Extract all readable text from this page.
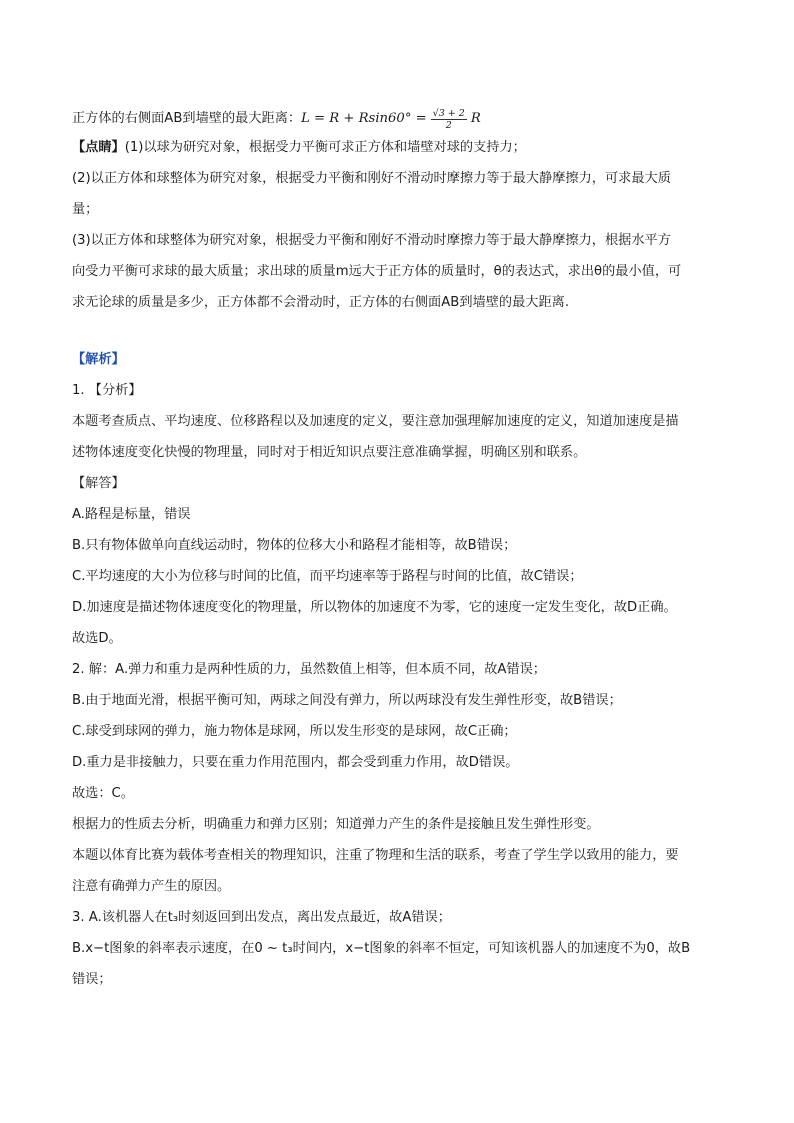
正方体的右侧面AB到墙壁的最大距离： $L = R + Rsin60^\circ = \frac{√3 + 2}{2}$ R
【点睛】(1)以球为研究对象，根据受力平衡可求正方体和墙壁对球的支持力；
(2)以正方体和球整体为研究对象，根据受力平衡和刚好不滑动时摩擦力等于最大静摩擦力，可求最大质
量；
(3)以正方体和球整体为研究对象，根据受力平衡和刚好不滑动时摩擦力等于最大静摩擦力，根据水平方
向受力平衡可求球的最大质量；求出球的质量m远大于正方体的质量时，θ的表达式，求出θ的最小值，可
求无论球的质量是多少，正方体都不会滑动时，正方体的右侧面AB到墙壁的最大距离.
【解析】
1. 【分析】
本题考查质点、平均速度、位移路程以及加速度的定义，要注意加强理解加速度的定义，知道加速度是描
述物体速度变化快慢的物理量，同时对于相近知识点要注意准确掌握，明确区别和联系。
【解答】
A.路程是标量，错误
B.只有物体做单向直线运动时，物体的位移大小和路程才能相等，故B错误；
C.平均速度的大小为位移与时间的比值，而平均速率等于路程与时间的比值，故C错误；
D.加速度是描述物体速度变化的物理量，所以物体的加速度不为零，它的速度一定发生变化，故D正确。
故选D。
2. 解：A.弹力和重力是两种性质的力，虽然数值上相等，但本质不同，故A错误；
B.由于地面光滑，根据平衡可知，两球之间没有弹力，所以两球没有发生弹性形变，故B错误；
C.球受到球网的弹力，施力物体是球网，所以发生形变的是球网，故C正确；
D.重力是非接触力，只要在重力作用范围内，都会受到重力作用，故D错误。
故选：C。
根据力的性质去分析，明确重力和弹力区别；知道弹力产生的条件是接触且发生弹性形变。
本题以体育比赛为载体考查相关的物理知识，注重了物理和生活的联系，考查了学生学以致用的能力，要
注意有确弹力产生的原因。
3. A.该机器人在t₃时刻返回到出发点，离出发点最近，故A错误；
B.x−t图象的斜率表示速度，在0 ~ t₃时间内，x−t图象的斜率不恒定，可知该机器人的加速度不为0，故B
错误；
